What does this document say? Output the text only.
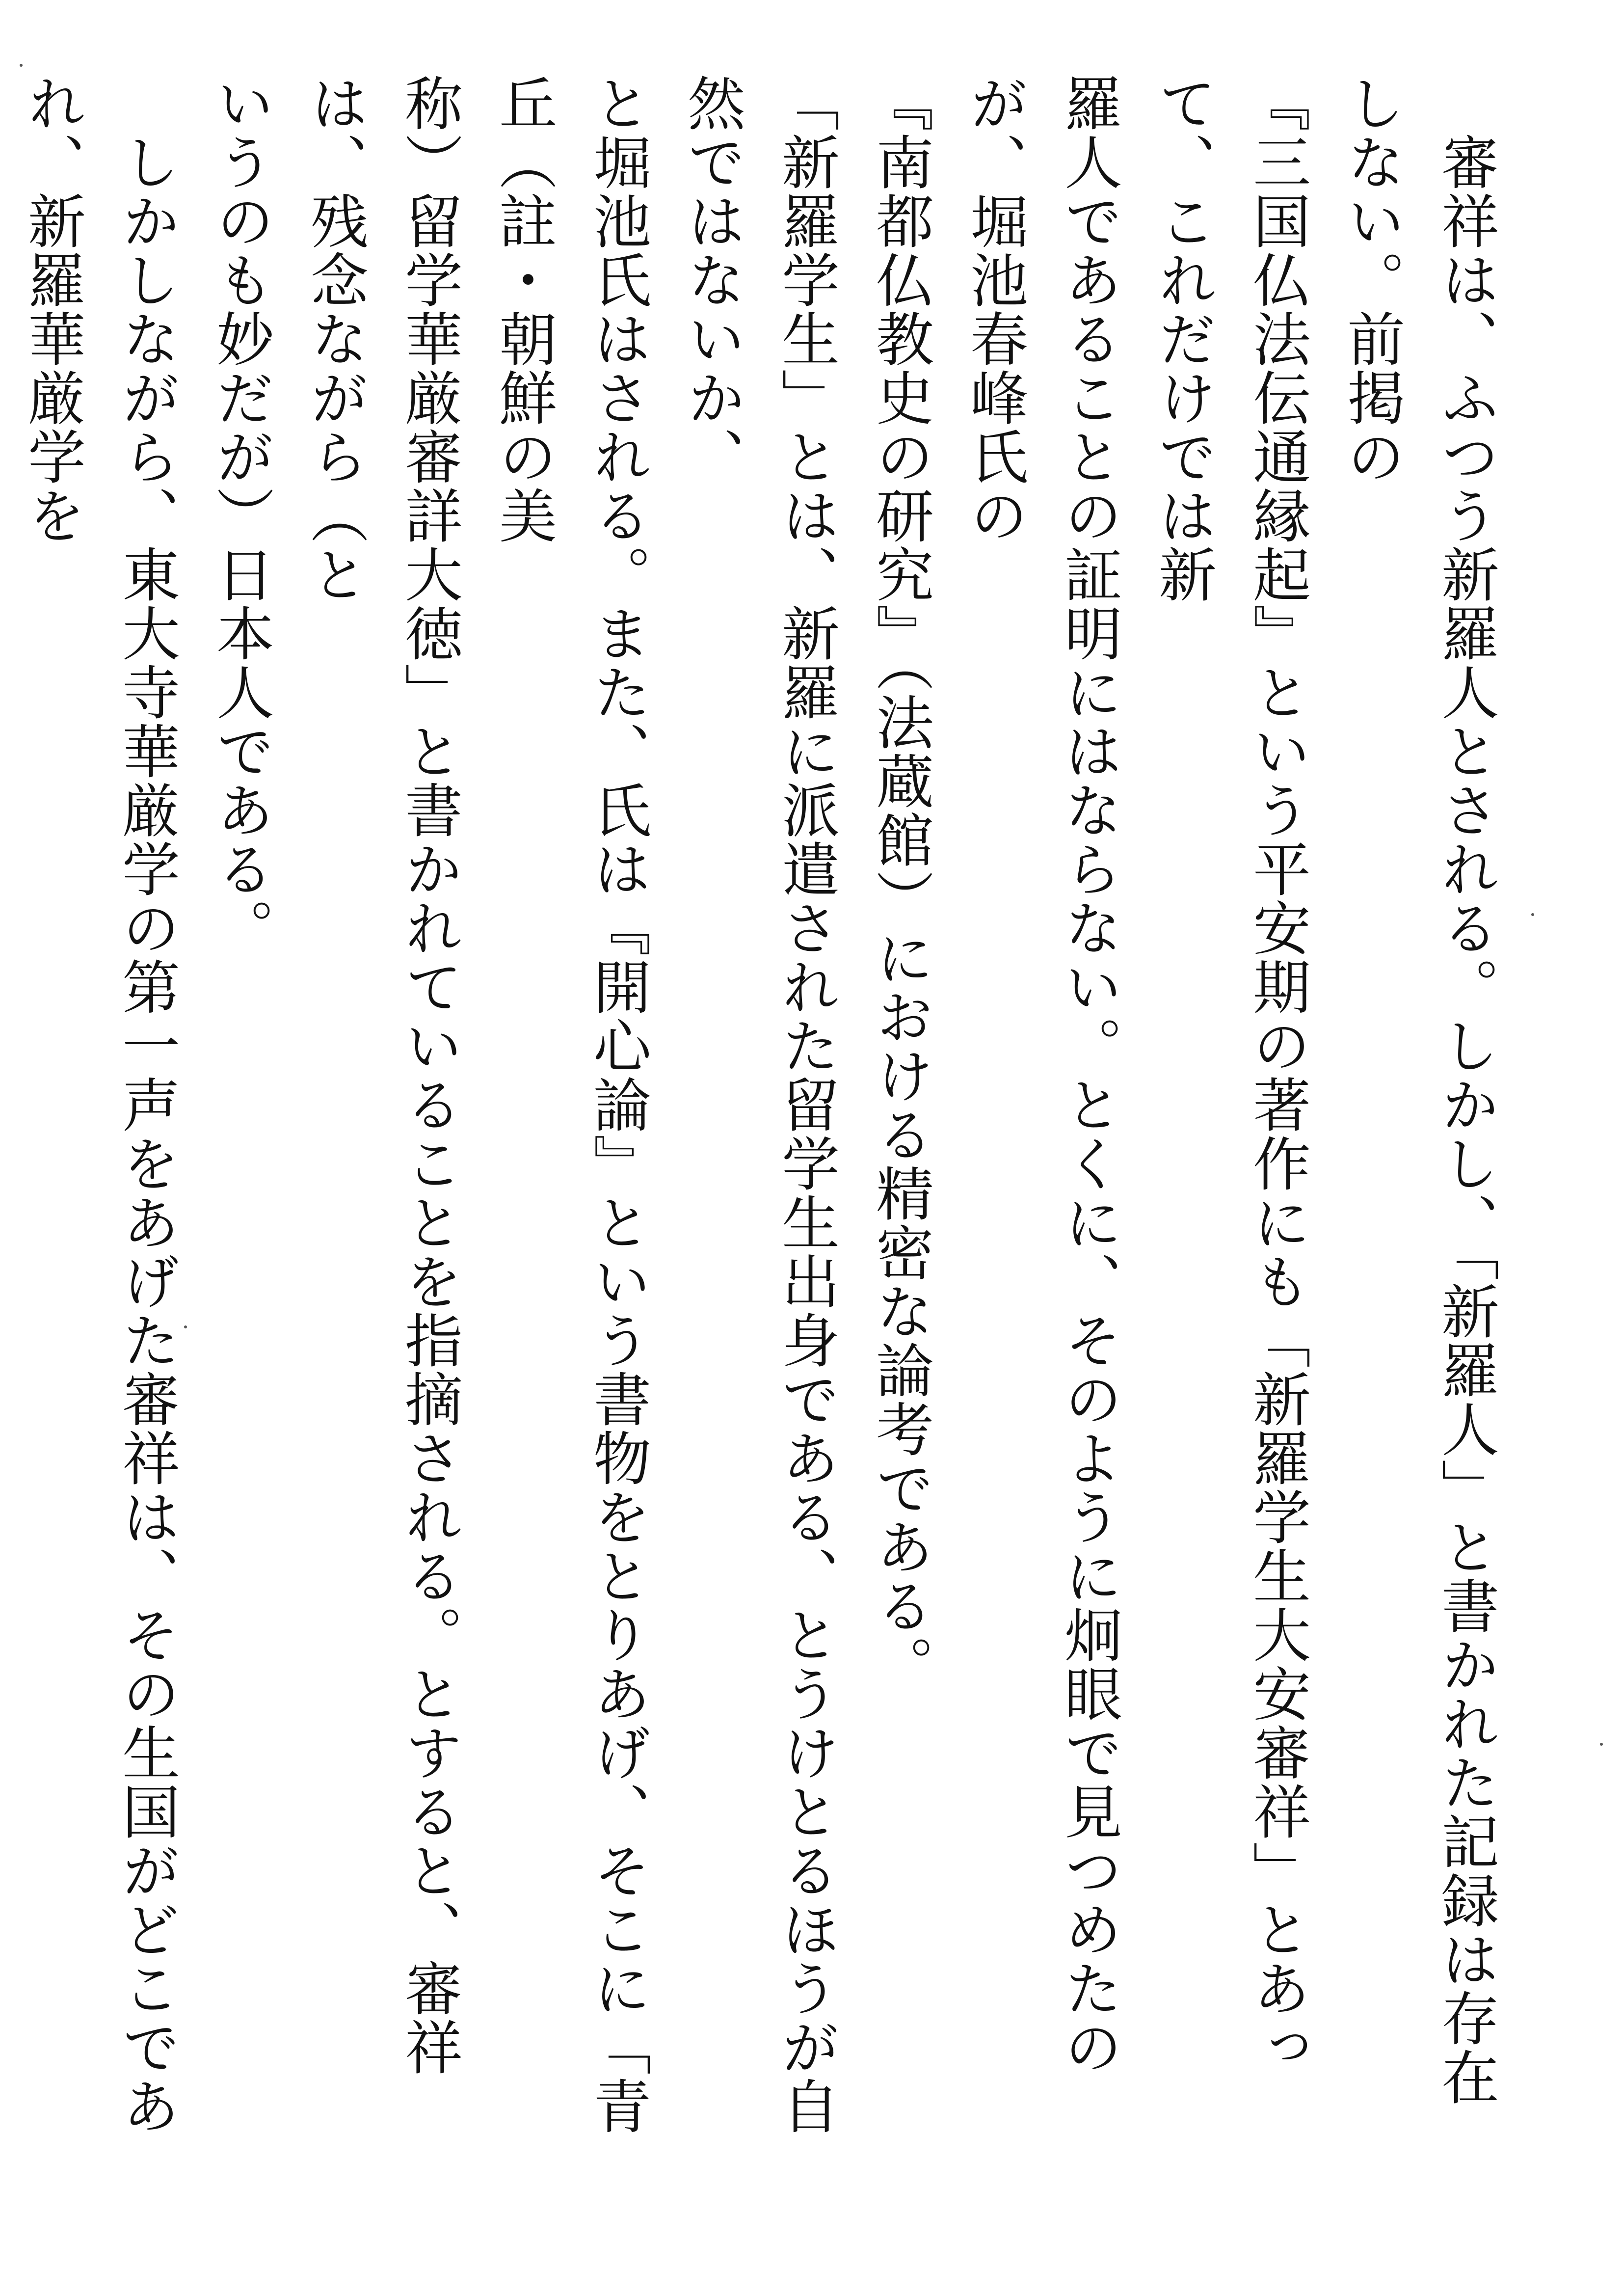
　審祥は、ふつう新羅人とされる。しかし、「新羅人」と書かれた記録は存在しない。前掲の
『三国仏法伝通縁起』という平安期の著作にも「新羅学生大安審祥」とあって、これだけでは新
羅人であることの証明にはならない。とくに、そのように炯眼で見つめたのが、堀池春峰氏の
『南都仏教史の研究』（法蔵館）における精密な論考である。
「新羅学生」とは、新羅に派遣された留学生出身である、とうけとるほうが自然ではないか、
と堀池氏はされる。また、氏は『開心論』という書物をとりあげ、そこに「青丘（註・朝鮮の美
称）留学華厳審詳大徳」と書かれていることを指摘される。とすると、審祥は、残念ながら（と
いうのも妙だが）日本人である。
　しかしながら、東大寺華厳学の第一声をあげた審祥は、その生国がどこであれ、新羅華厳学を
